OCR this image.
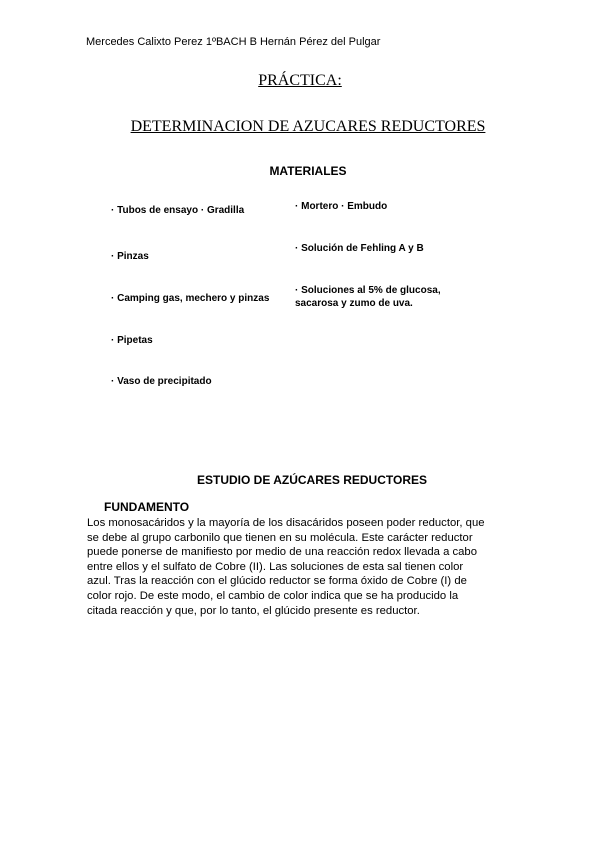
Mercedes Calixto Perez 1ºBACH B Hernán Pérez del Pulgar
PRÁCTICA:
DETERMINACION DE AZUCARES REDUCTORES
MATERIALES
· Tubos de ensayo · Gradilla
· Pinzas
· Camping gas, mechero y pinzas
· Pipetas
· Vaso de precipitado
· Mortero · Embudo
· Solución de Fehling A y B
· Soluciones al 5% de glucosa,
sacarosa y zumo de uva.
ESTUDIO DE AZÚCARES REDUCTORES
FUNDAMENTO
Los monosacáridos y la mayoría de los disacáridos poseen poder reductor, que
se debe al grupo carbonilo que tienen en su molécula. Este carácter reductor
puede ponerse de manifiesto por medio de una reacción redox llevada a cabo
entre ellos y el sulfato de Cobre (II). Las soluciones de esta sal tienen color
azul. Tras la reacción con el glúcido reductor se forma óxido de Cobre (I) de
color rojo. De este modo, el cambio de color indica que se ha producido la
citada reacción y que, por lo tanto, el glúcido presente es reductor.
